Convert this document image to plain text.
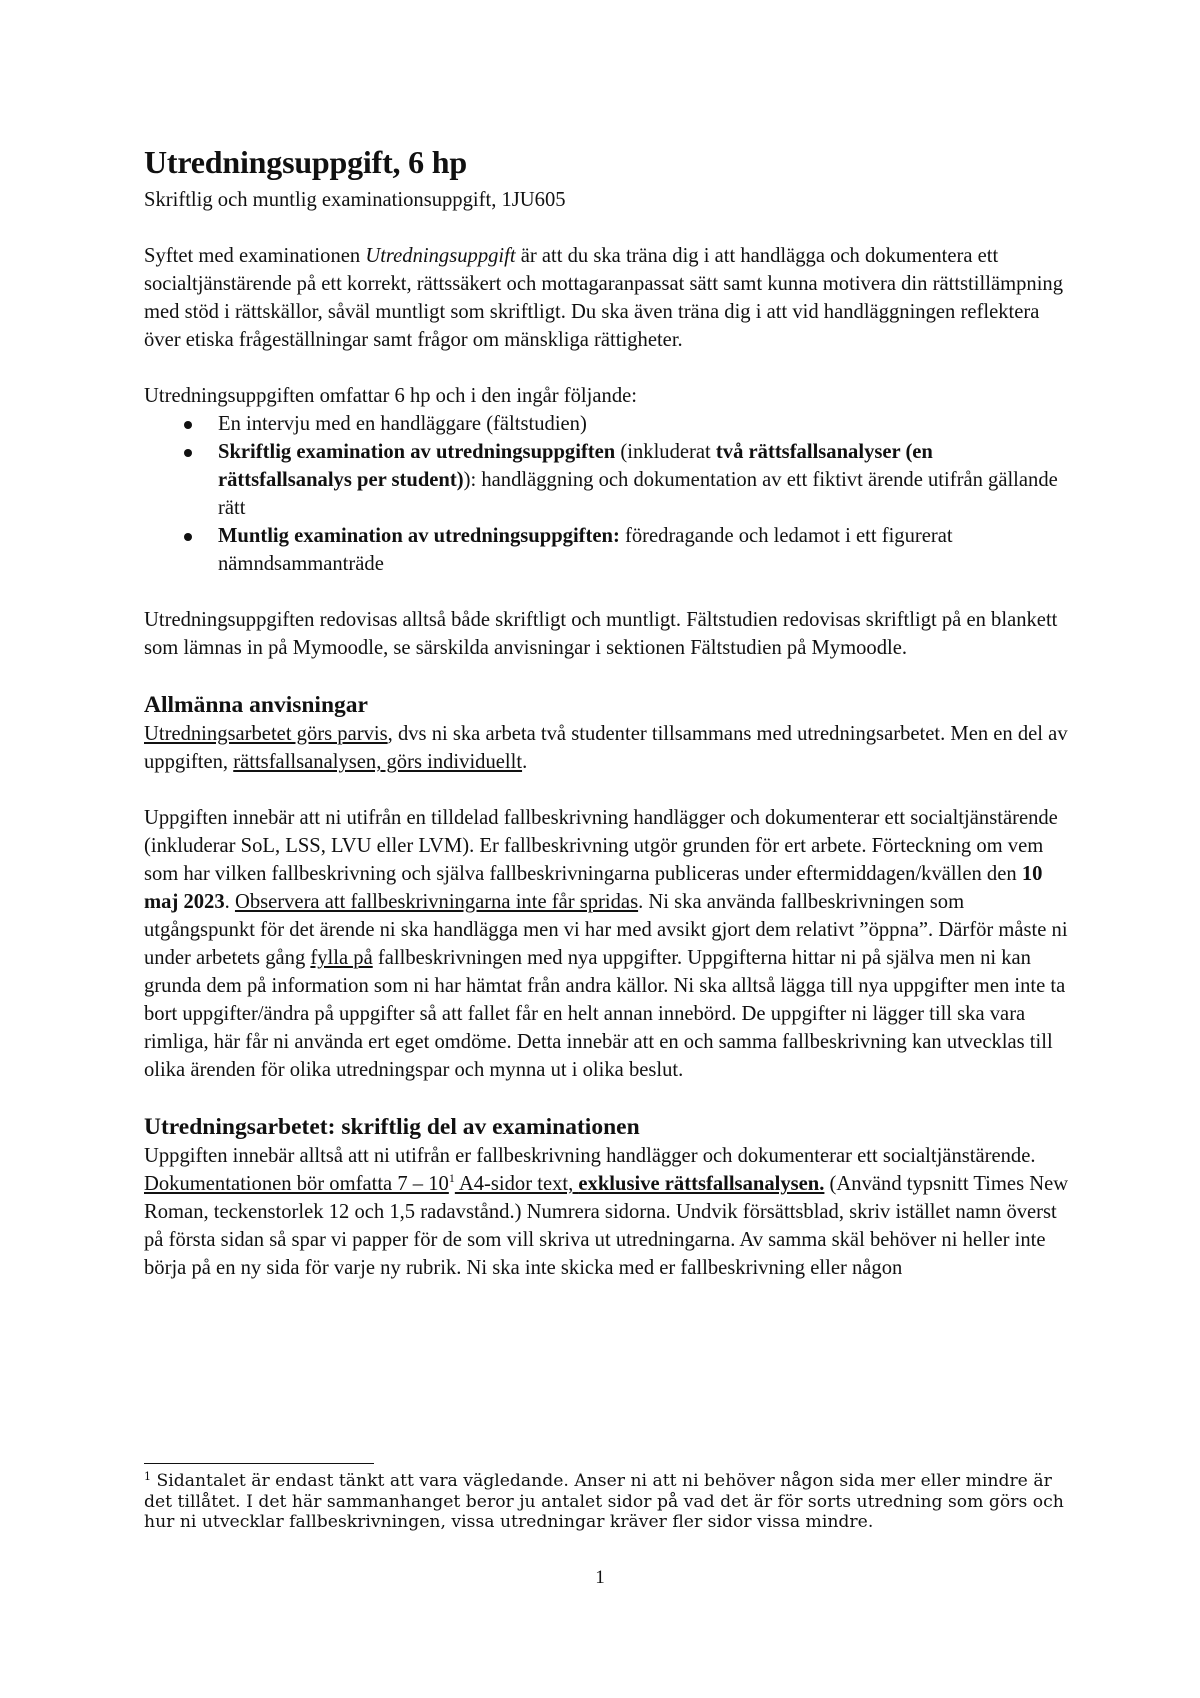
Utredningsuppgift, 6 hp

Skriftlig och muntlig examinationsuppgift, 1JU605

Syftet med examinationen Utredningsuppgift är att du ska träna dig i att handlägga och dokumentera ett socialtjänstärende på ett korrekt, rättssäkert och mottagaranpassat sätt samt kunna motivera din rättstillämpning med stöd i rättskällor, såväl muntligt som skriftligt. Du ska även träna dig i att vid handläggningen reflektera över etiska frågeställningar samt frågor om mänskliga rättigheter.

Utredningsuppgiften omfattar 6 hp och i den ingår följande:

En intervju med en handläggare (fältstudien)
Skriftlig examination av utredningsuppgiften (inkluderat två rättsfallsanalyser (en rättsfallsanalys per student)): handläggning och dokumentation av ett fiktivt ärende utifrån gällande rätt
Muntlig examination av utredningsuppgiften: föredragande och ledamot i ett figurerat nämndsammanträde

Utredningsuppgiften redovisas alltså både skriftligt och muntligt. Fältstudien redovisas skriftligt på en blankett som lämnas in på Mymoodle, se särskilda anvisningar i sektionen Fältstudien på Mymoodle.

Allmänna anvisningar

Utredningsarbetet görs parvis, dvs ni ska arbeta två studenter tillsammans med utredningsarbetet. Men en del av uppgiften, rättsfallsanalysen, görs individuellt.

Uppgiften innebär att ni utifrån en tilldelad fallbeskrivning handlägger och dokumenterar ett socialtjänstärende (inkluderar SoL, LSS, LVU eller LVM). Er fallbeskrivning utgör grunden för ert arbete. Förteckning om vem som har vilken fallbeskrivning och själva fallbeskrivningarna publiceras under eftermiddagen/kvällen den 10 maj 2023. Observera att fallbeskrivningarna inte får spridas. Ni ska använda fallbeskrivningen som utgångspunkt för det ärende ni ska handlägga men vi har med avsikt gjort dem relativt ”öppna”. Därför måste ni under arbetets gång fylla på fallbeskrivningen med nya uppgifter. Uppgifterna hittar ni på själva men ni kan grunda dem på information som ni har hämtat från andra källor. Ni ska alltså lägga till nya uppgifter men inte ta bort uppgifter/ändra på uppgifter så att fallet får en helt annan innebörd. De uppgifter ni lägger till ska vara rimliga, här får ni använda ert eget omdöme. Detta innebär att en och samma fallbeskrivning kan utvecklas till olika ärenden för olika utredningspar och mynna ut i olika beslut.

Utredningsarbetet: skriftlig del av examinationen

Uppgiften innebär alltså att ni utifrån er fallbeskrivning handlägger och dokumenterar ett socialtjänstärende. Dokumentationen bör omfatta $7 - 10^1$ A4-sidor text, exklusive rättsfallsanalysen. (Använd typsnitt Times New Roman, teckenstorlek 12 och 1,5 radavstånd.) Numrera sidorna. Undvik försättsblad, skriv istället namn överst på första sidan så spar vi papper för de som vill skriva ut utredningarna. Av samma skäl behöver ni heller inte börja på en ny sida för varje ny rubrik. Ni ska inte skicka med er fallbeskrivning eller någon

$^1$ Sidantalet är endast tänkt att vara vägledande. Anser ni att ni behöver någon sida mer eller mindre är det tillåtet. I det här sammanhanget beror ju antalet sidor på vad det är för sorts utredning som görs och hur ni utvecklar fallbeskrivningen, vissa utredningar kräver fler sidor vissa mindre.
1
